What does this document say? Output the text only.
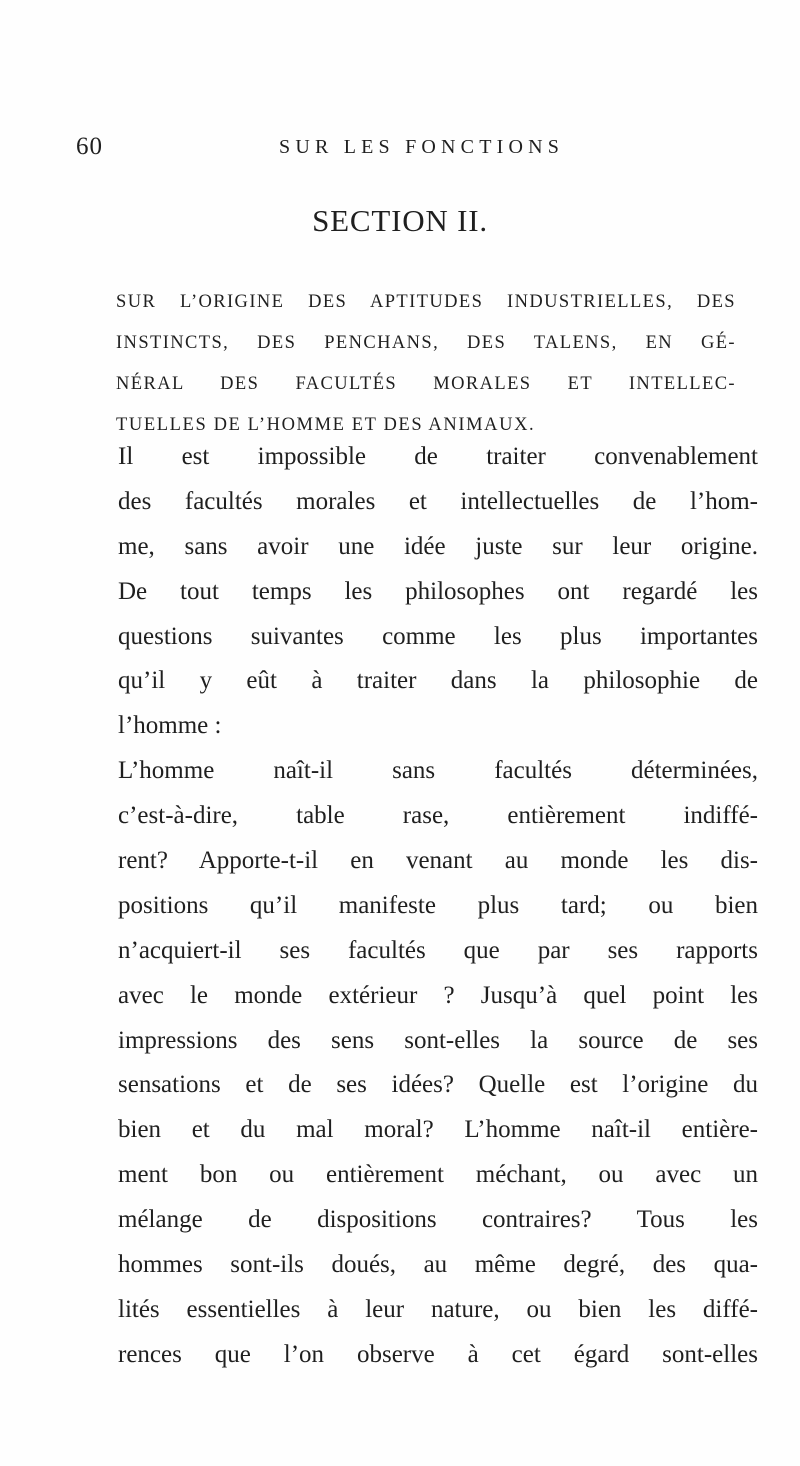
60	SUR LES FONCTIONS
SECTION II.
SUR L’ORIGINE DES APTITUDES INDUSTRIELLES, DES
INSTINCTS, DES PENCHANS, DES TALENS, EN GÉ-
NÉRAL DES FACULTÉS MORALES ET INTELLEC-
TUELLES DE L’HOMME ET DES ANIMAUX.
Il est impossible de traiter convenablement
des facultés morales et intellectuelles de l’hom-
me, sans avoir une idée juste sur leur origine.
De tout temps les philosophes ont regardé les
questions suivantes comme les plus importantes
qu’il y eût à traiter dans la philosophie de
l’homme :
L’homme naît-il sans facultés déterminées,
c’est-à-dire, table rase, entièrement indiffé-
rent? Apporte-t-il en venant au monde les dis-
positions qu’il manifeste plus tard; ou bien
n’acquiert-il ses facultés que par ses rapports
avec le monde extérieur ? Jusqu’à quel point les
impressions des sens sont-elles la source de ses
sensations et de ses idées? Quelle est l’origine du
bien et du mal moral? L’homme naît-il entière-
ment bon ou entièrement méchant, ou avec un
mélange de dispositions contraires? Tous les
hommes sont-ils doués, au même degré, des qua-
lités essentielles à leur nature, ou bien les diffé-
rences que l’on observe à cet égard sont-elles
